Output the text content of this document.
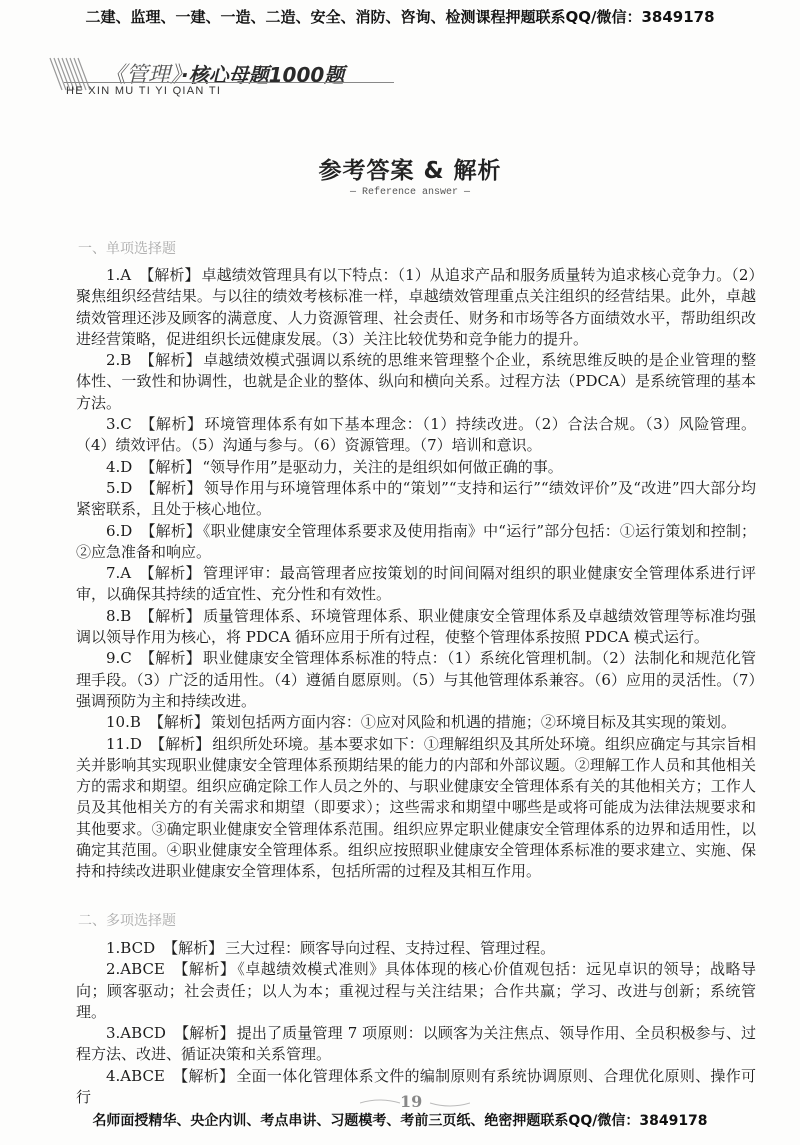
二建、监理、一建、一造、二造、安全、消防、咨询、检测课程押题联系QQ/微信：3849178
《管理》·核心母题1000题
HE XIN MU TI YI QIAN TI
参考答案 & 解析
— Reference answer —
一、单项选择题

1.A 【解析】 卓越绩效管理具有以下特点：（1）从追求产品和服务质量转为追求核心竞争力。（2）聚焦组织经营结果。与以往的绩效考核标准一样，卓越绩效管理重点关注组织的经营结果。此外，卓越绩效管理还涉及顾客的满意度、人力资源管理、社会责任、财务和市场等各方面绩效水平，帮助组织改进经营策略，促进组织长远健康发展。（3）关注比较优势和竞争能力的提升。

2.B 【解析】 卓越绩效模式强调以系统的思维来管理整个企业，系统思维反映的是企业管理的整体性、一致性和协调性，也就是企业的整体、纵向和横向关系。过程方法（PDCA）是系统管理的基本方法。

3.C 【解析】 环境管理体系有如下基本理念：（1）持续改进。（2）合法合规。（3）风险管理。（4）绩效评估。（5）沟通与参与。（6）资源管理。（7）培训和意识。

4.D 【解析】 “领导作用”是驱动力，关注的是组织如何做正确的事。

5.D 【解析】 领导作用与环境管理体系中的“策划”“支持和运行”“绩效评价”及“改进”四大部分均紧密联系，且处于核心地位。

6.D 【解析】 《职业健康安全管理体系要求及使用指南》中“运行”部分包括：①运行策划和控制；②应急准备和响应。

7.A 【解析】 管理评审：最高管理者应按策划的时间间隔对组织的职业健康安全管理体系进行评审，以确保其持续的适宜性、充分性和有效性。

8.B 【解析】 质量管理体系、环境管理体系、职业健康安全管理体系及卓越绩效管理等标准均强调以领导作用为核心，将 PDCA 循环应用于所有过程，使整个管理体系按照 PDCA 模式运行。

9.C 【解析】 职业健康安全管理体系标准的特点：（1）系统化管理机制。（2）法制化和规范化管理手段。（3）广泛的适用性。（4）遵循自愿原则。（5）与其他管理体系兼容。（6）应用的灵活性。（7）强调预防为主和持续改进。

10.B 【解析】 策划包括两方面内容：①应对风险和机遇的措施；②环境目标及其实现的策划。

11.D 【解析】 组织所处环境。基本要求如下：①理解组织及其所处环境。组织应确定与其宗旨相关并影响其实现职业健康安全管理体系预期结果的能力的内部和外部议题。②理解工作人员和其他相关方的需求和期望。组织应确定除工作人员之外的、与职业健康安全管理体系有关的其他相关方；工作人员及其他相关方的有关需求和期望（即要求）；这些需求和期望中哪些是或将可能成为法律法规要求和其他要求。③确定职业健康安全管理体系范围。组织应界定职业健康安全管理体系的边界和适用性，以确定其范围。④职业健康安全管理体系。组织应按照职业健康安全管理体系标准的要求建立、实施、保持和持续改进职业健康安全管理体系，包括所需的过程及其相互作用。

二、多项选择题

1.BCD 【解析】 三大过程：顾客导向过程、支持过程、管理过程。

2.ABCE 【解析】 《卓越绩效模式准则》具体体现的核心价值观包括：远见卓识的领导；战略导向；顾客驱动；社会责任；以人为本；重视过程与关注结果；合作共赢；学习、改进与创新；系统管理。

3.ABCD 【解析】 提出了质量管理 7 项原则：以顾客为关注焦点、领导作用、全员积极参与、过程方法、改进、循证决策和关系管理。

4.ABCE 【解析】 全面一体化管理体系文件的编制原则有系统协调原则、合理优化原则、操作可行	19
名师面授精华、央企内训、考点串讲、习题模考、考前三页纸、绝密押题联系QQ/微信：3849178
